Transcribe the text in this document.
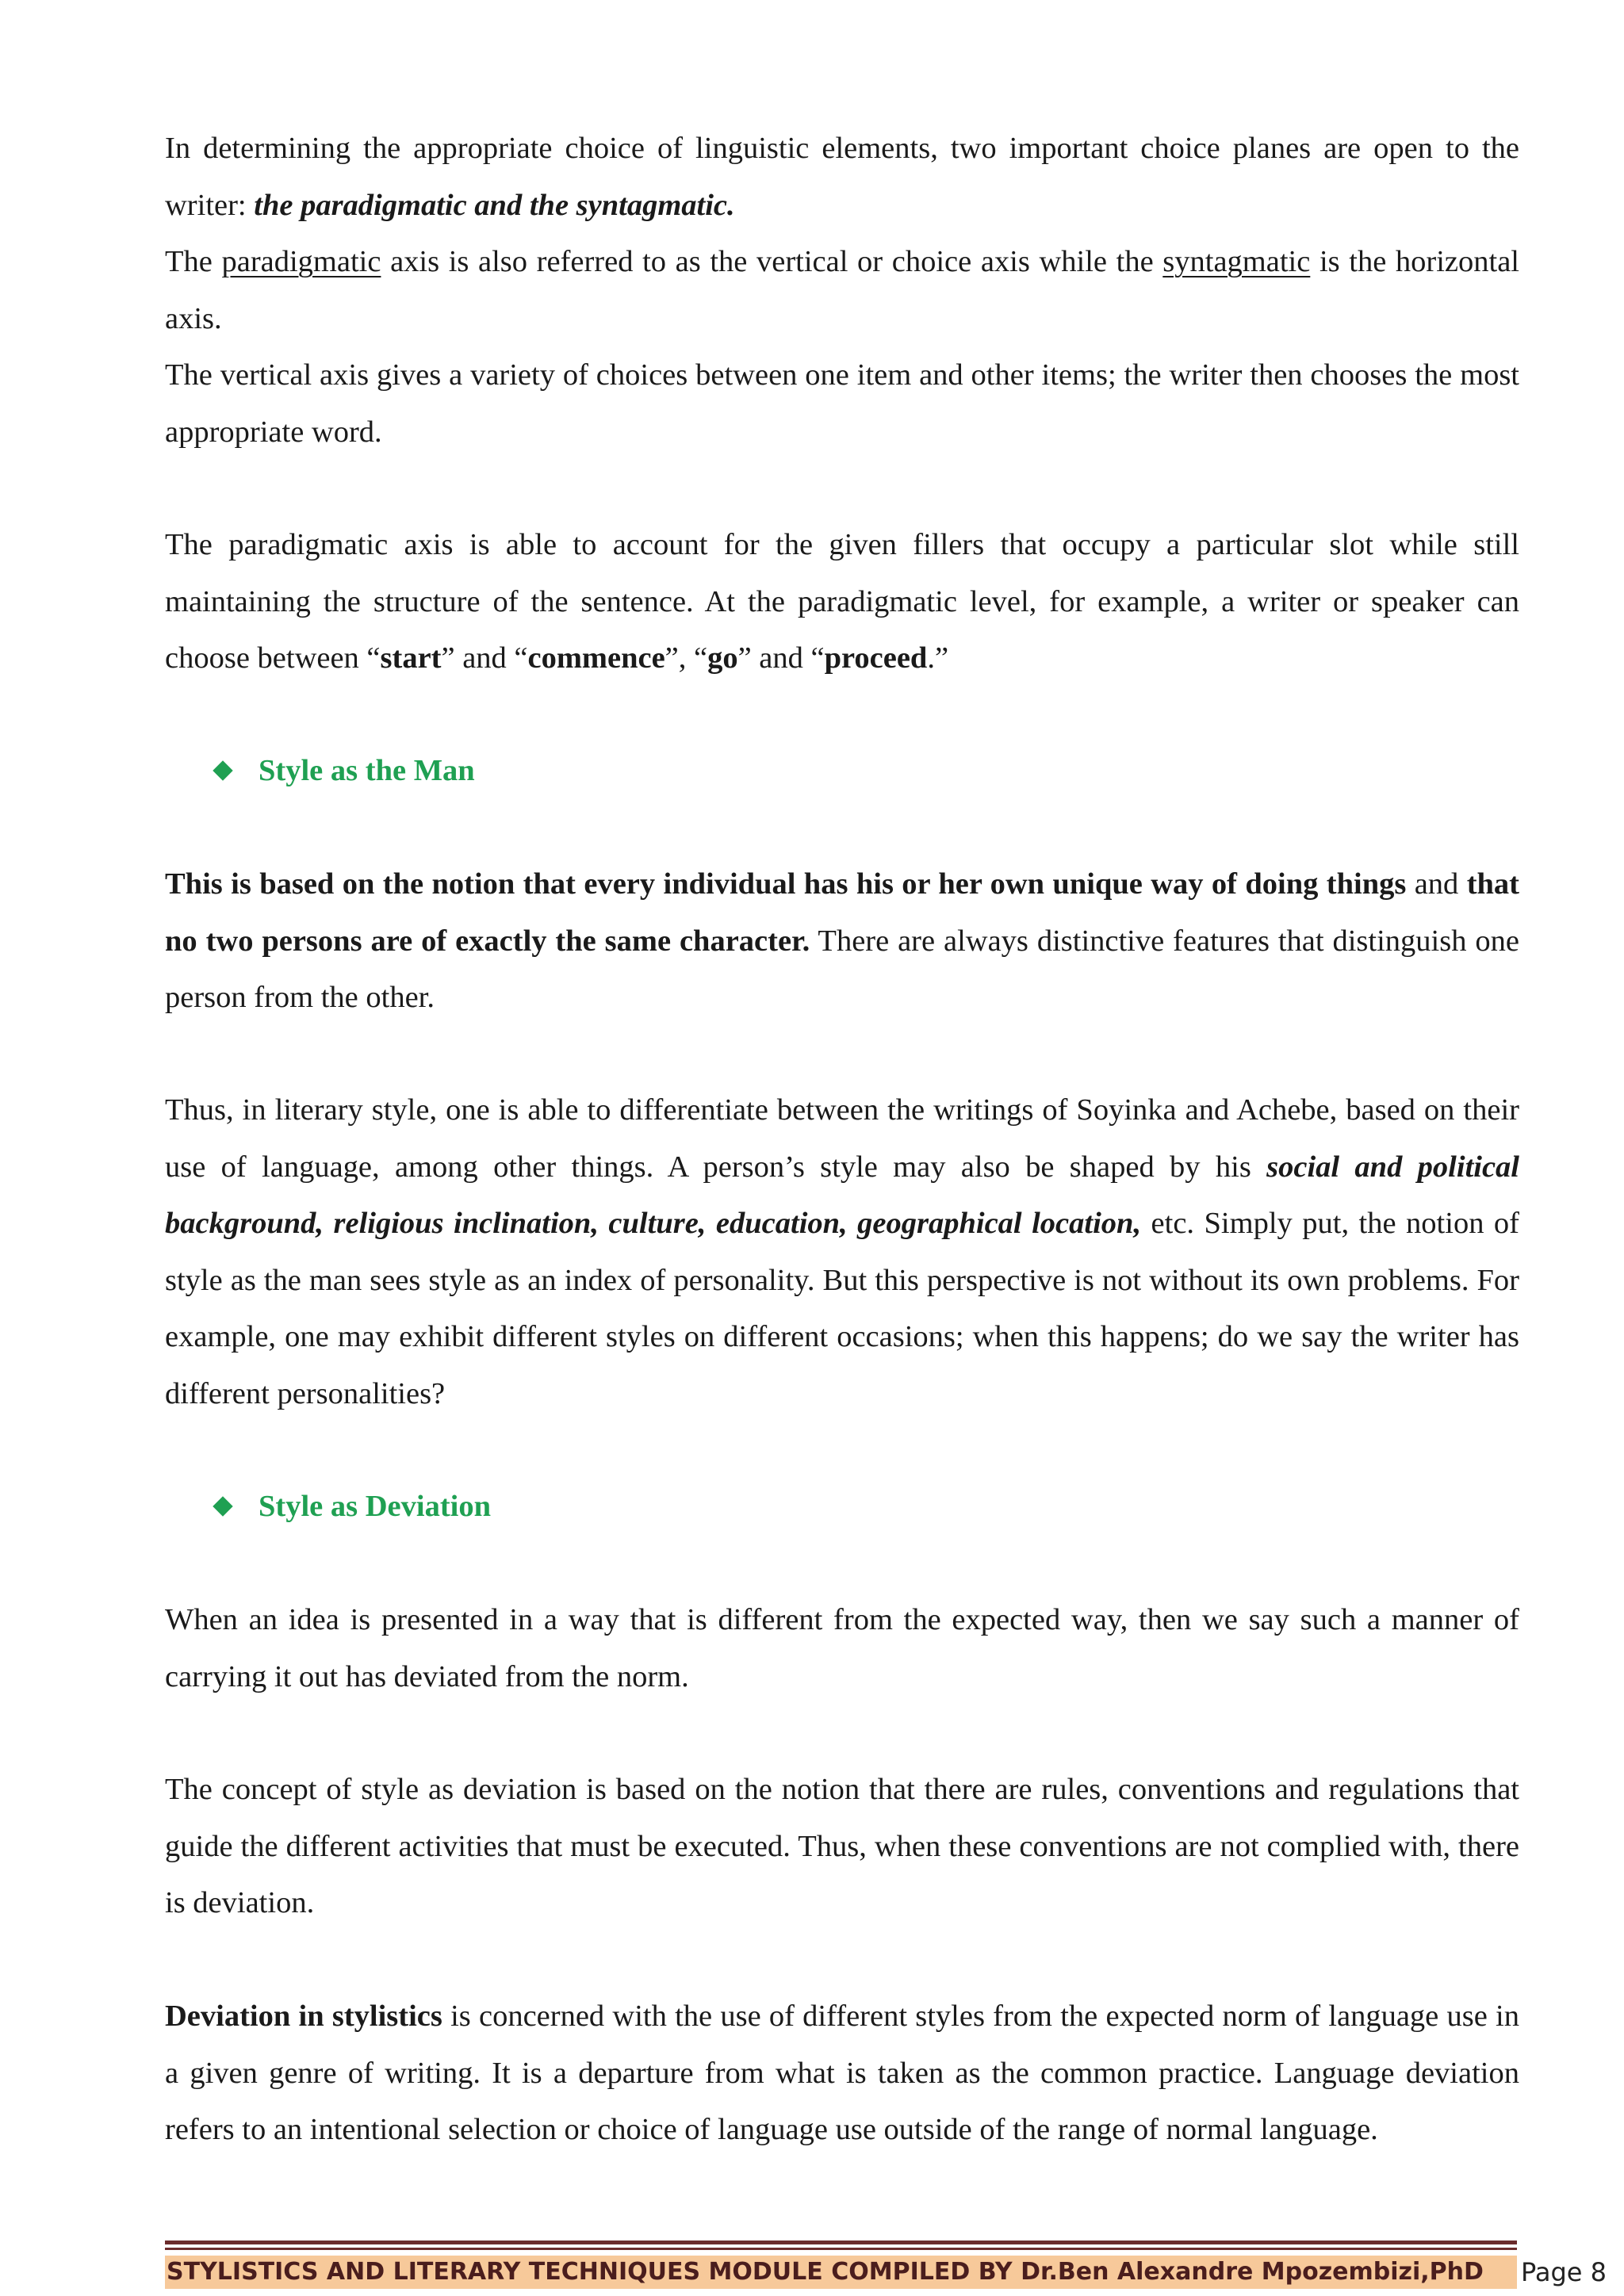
In determining the appropriate choice of linguistic elements, two important choice planes are open to the writer: the paradigmatic and the syntagmatic.

The paradigmatic axis is also referred to as the vertical or choice axis while the syntagmatic is the horizontal axis.

The vertical axis gives a variety of choices between one item and other items; the writer then chooses the most appropriate word.

The paradigmatic axis is able to account for the given fillers that occupy a particular slot while still maintaining the structure of the sentence. At the paradigmatic level, for example, a writer or speaker can choose between “start” and “commence”, “go” and “proceed.”

Style as the Man

This is based on the notion that every individual has his or her own unique way of doing things and that no two persons are of exactly the same character. There are always distinctive features that distinguish one person from the other.

Thus, in literary style, one is able to differentiate between the writings of Soyinka and Achebe, based on their use of language, among other things. A person’s style may also be shaped by his social and political background, religious inclination, culture, education, geographical location, etc. Simply put, the notion of style as the man sees style as an index of personality. But this perspective is not without its own problems. For example, one may exhibit different styles on different occasions; when this happens; do we say the writer has different personalities?

Style as Deviation

When an idea is presented in a way that is different from the expected way, then we say such a manner of carrying it out has deviated from the norm.

The concept of style as deviation is based on the notion that there are rules, conventions and regulations that guide the different activities that must be executed. Thus, when these conventions are not complied with, there is deviation.

Deviation in stylistics is concerned with the use of different styles from the expected norm of language use in a given genre of writing. It is a departure from what is taken as the common practice. Language deviation refers to an intentional selection or choice of language use outside of the range of normal language.

STYLISTICS AND LITERARY TECHNIQUES MODULE COMPILED BY Dr.Ben Alexandre Mpozembizi,PhD Page 8
